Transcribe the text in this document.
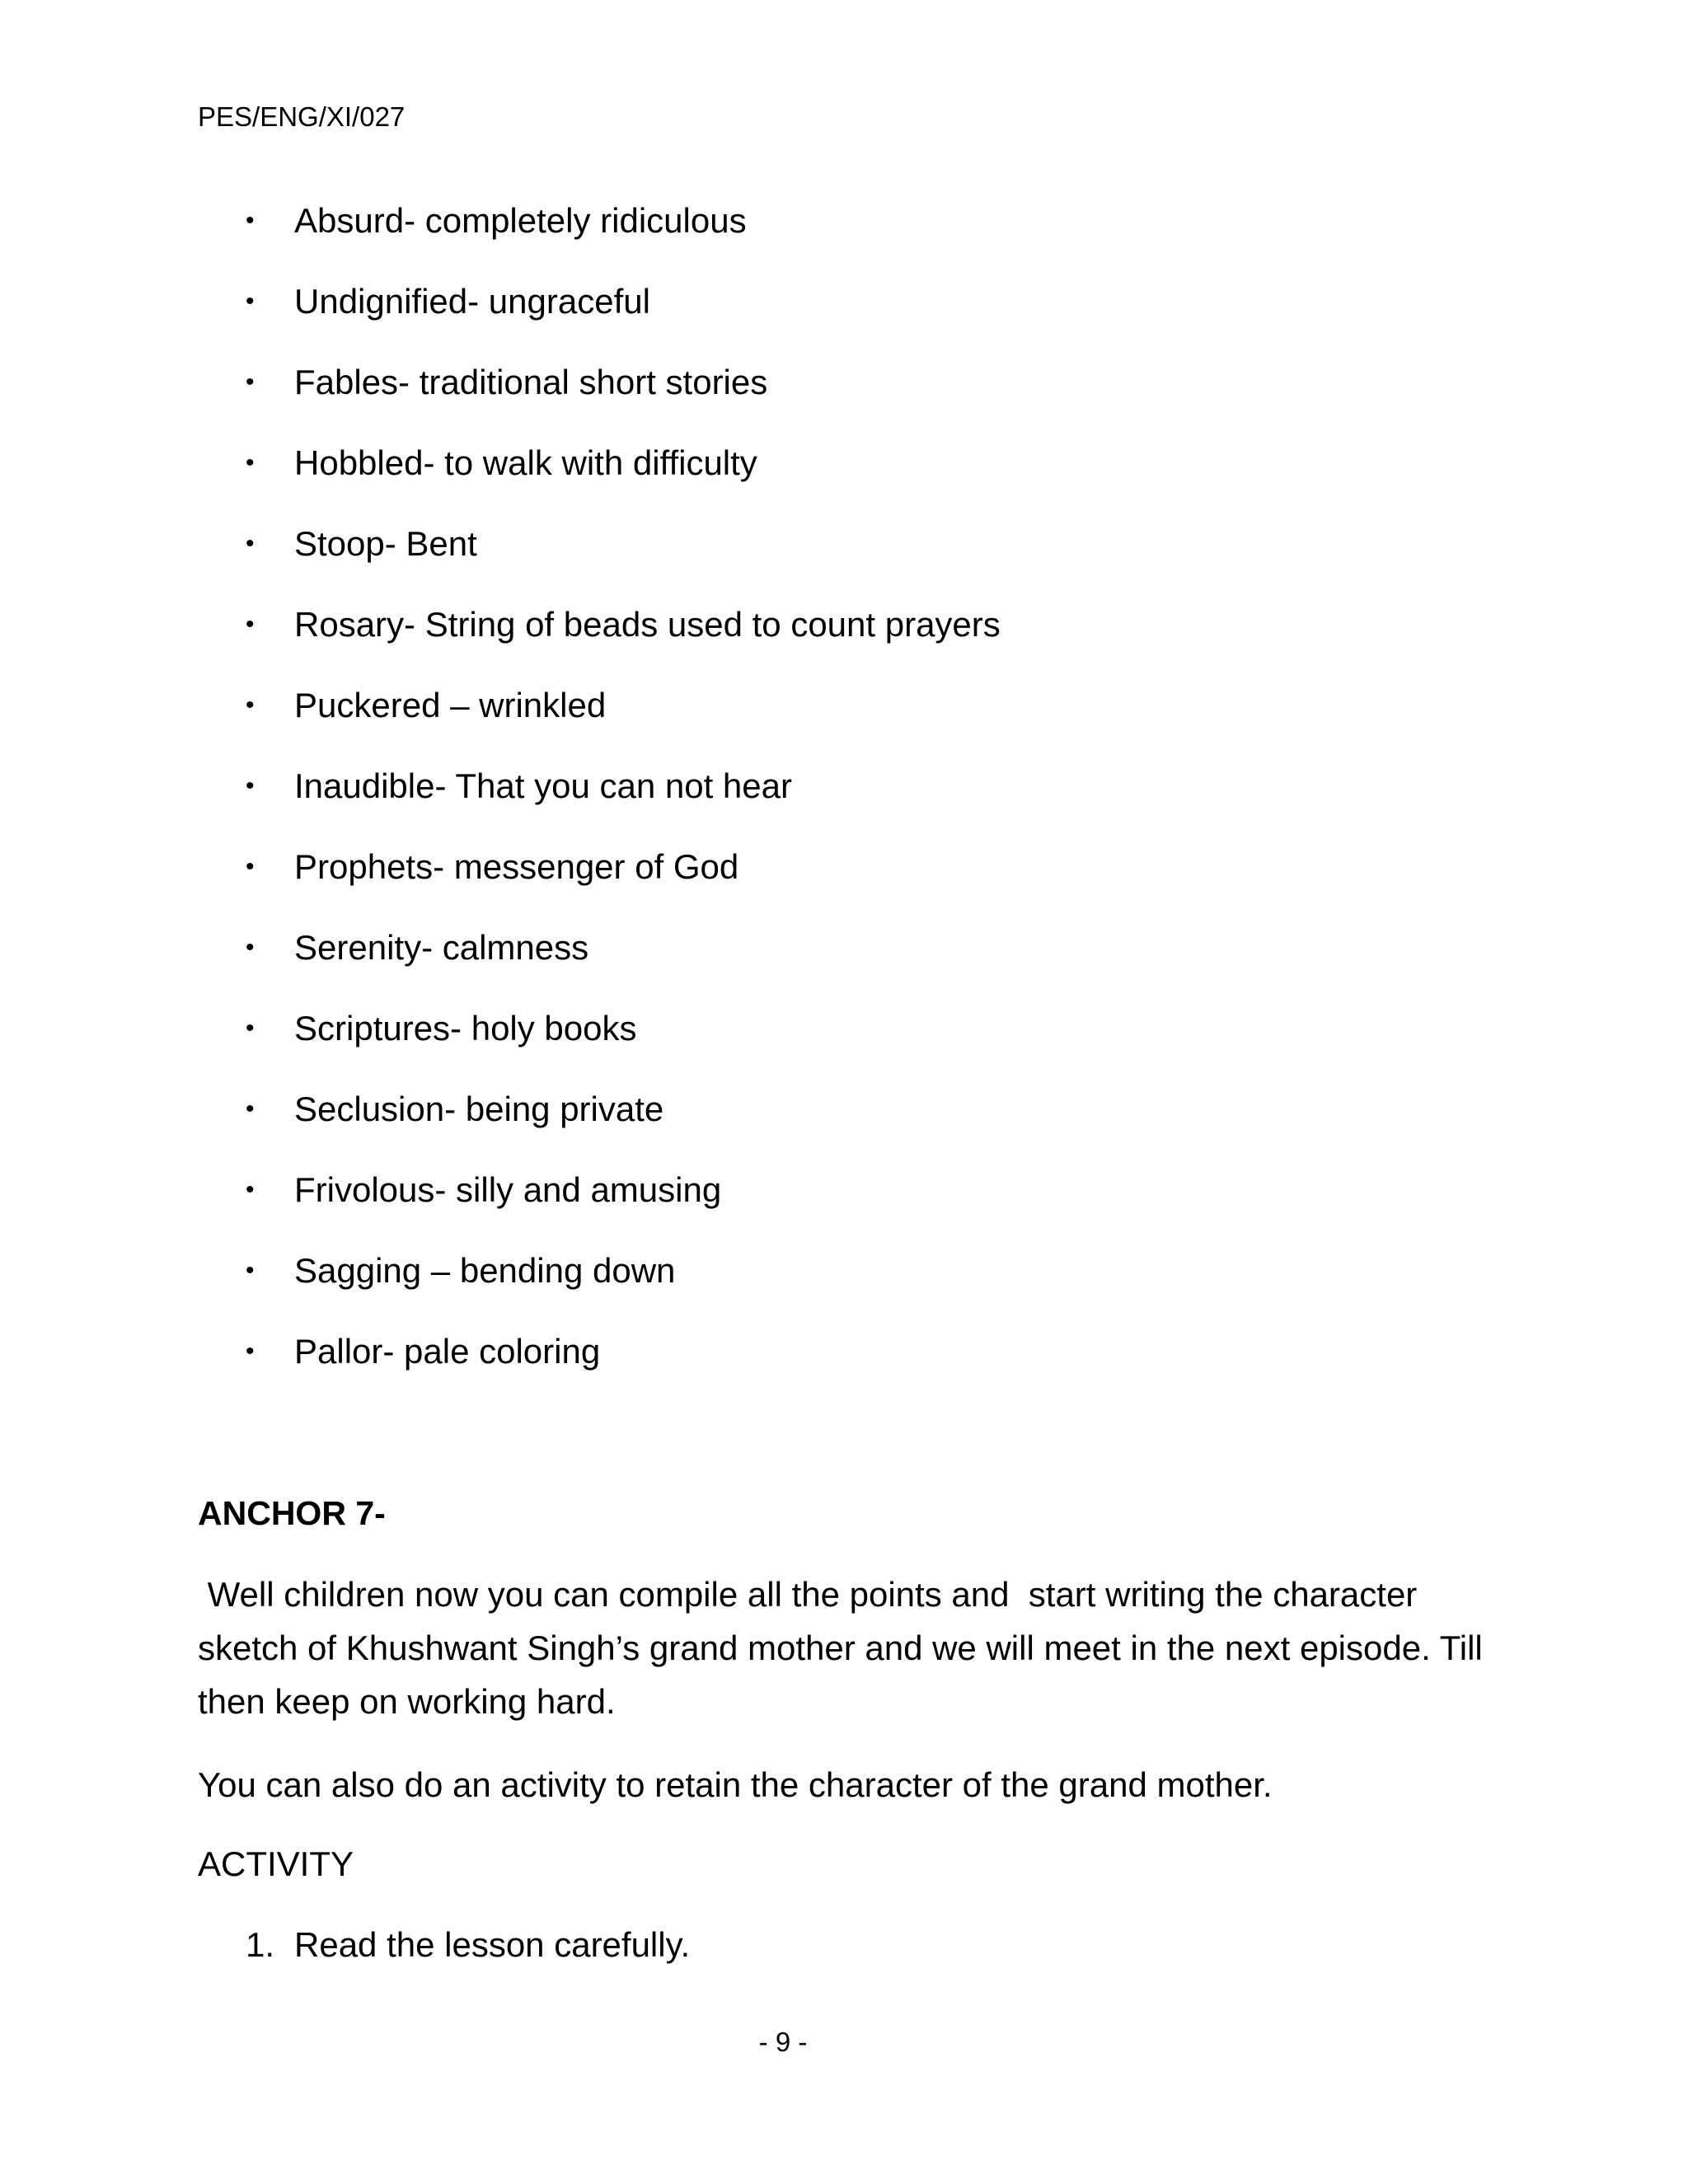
PES/ENG/XI/027
•	Absurd- completely ridiculous
•	Undignified- ungraceful
•	Fables- traditional short stories
•	Hobbled- to walk with difficulty
•	Stoop- Bent
•	Rosary- String of beads used to count prayers
•	Puckered – wrinkled
•	Inaudible- That you can not hear
•	Prophets- messenger of God
•	Serenity- calmness
•	Scriptures- holy books
•	Seclusion- being private
•	Frivolous- silly and amusing
•	Sagging – bending down
•	Pallor- pale coloring
ANCHOR 7-

Well children now you can compile all the points and  start writing the character sketch of Khushwant Singh’s grand mother and we will meet in the next episode. Till then keep on working hard.

You can also do an activity to retain the character of the grand mother.

ACTIVITY
1. Read the lesson carefully.
- 9 -
